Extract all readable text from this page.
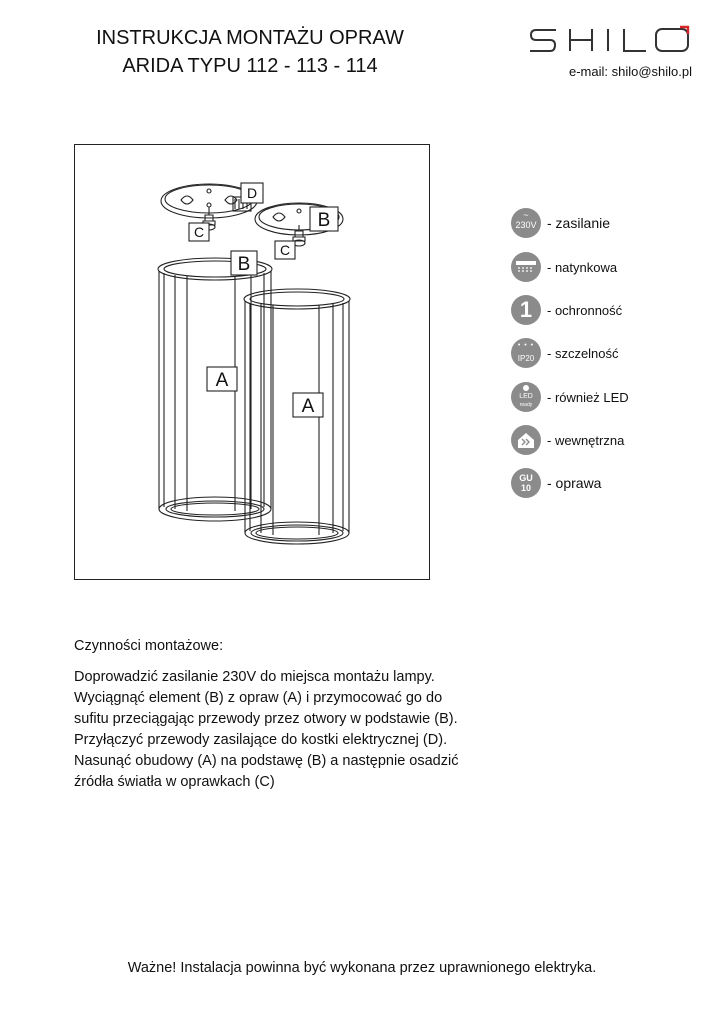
INSTRUKCJA MONTAŻU OPRAW
ARIDA TYPU 112 - 113 - 114	e-mail: shilo@shilo.pl
D
B
C
C
B
A
A
~
230V - zasilanie
- natynkowa
1 - ochronność
• • •
IP20 - szczelność
LED
ready
- również LED
- wewnętrzna
GU
10 - oprawa
Czynności montażowe:
Doprowadzić zasilanie 230V do miejsca montażu lampy.
Wyciągnąć element (B) z opraw (A) i przymocować go do
sufitu przeciągając przewody przez otwory w podstawie (B).
Przyłączyć przewody zasilające do kostki elektrycznej (D).
Nasunąć obudowy (A) na podstawę (B) a następnie osadzić
źródła światła w oprawkach (C)
Ważne! Instalacja powinna być wykonana przez uprawnionego elektryka.
